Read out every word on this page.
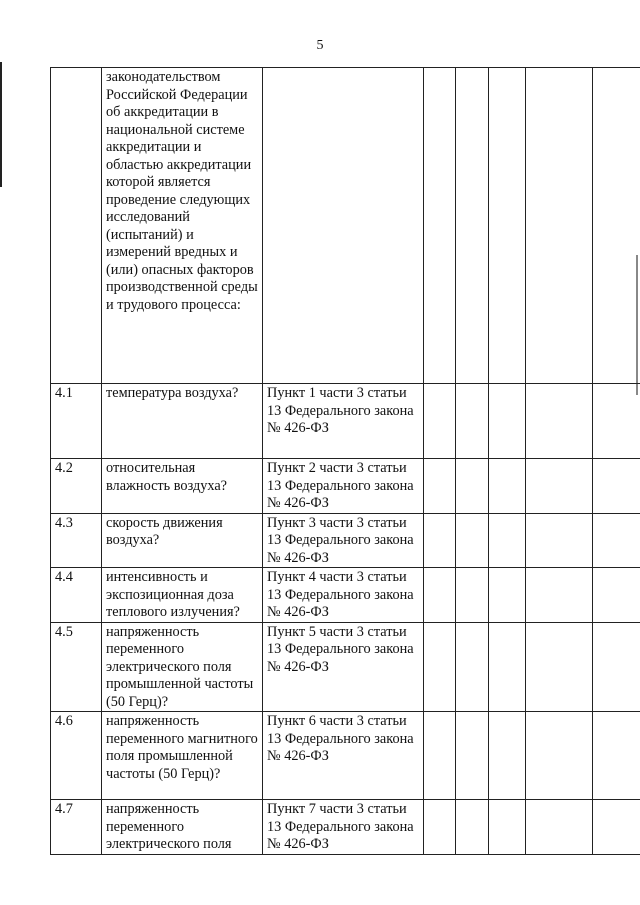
5
	законодательством Российской Федерации об аккредитации в национальной системе аккредитации и областью аккредитации которой является проведение следующих исследований (испытаний) и измерений вредных и (или) опасных факторов производственной среды и трудового процесса:						
4.1	температура воздуха?	Пункт 1 части 3 статьи 13 Федерального закона № 426-ФЗ					
4.2	относительная влажность воздуха?	Пункт 2 части 3 статьи 13 Федерального закона № 426-ФЗ					
4.3	скорость движения воздуха?	Пункт 3 части 3 статьи 13 Федерального закона № 426-ФЗ					
4.4	интенсивность и экспозиционная доза теплового излучения?	Пункт 4 части 3 статьи 13 Федерального закона № 426-ФЗ					
4.5	напряженность переменного электрического поля промышленной частоты (50 Герц)?	Пункт 5 части 3 статьи 13 Федерального закона № 426-ФЗ					
4.6	напряженность переменного магнитного поля промышленной частоты (50 Герц)?	Пункт 6 части 3 статьи 13 Федерального закона № 426-ФЗ					
4.7	напряженность переменного электрического поля	Пункт 7 части 3 статьи 13 Федерального закона № 426-ФЗ					
